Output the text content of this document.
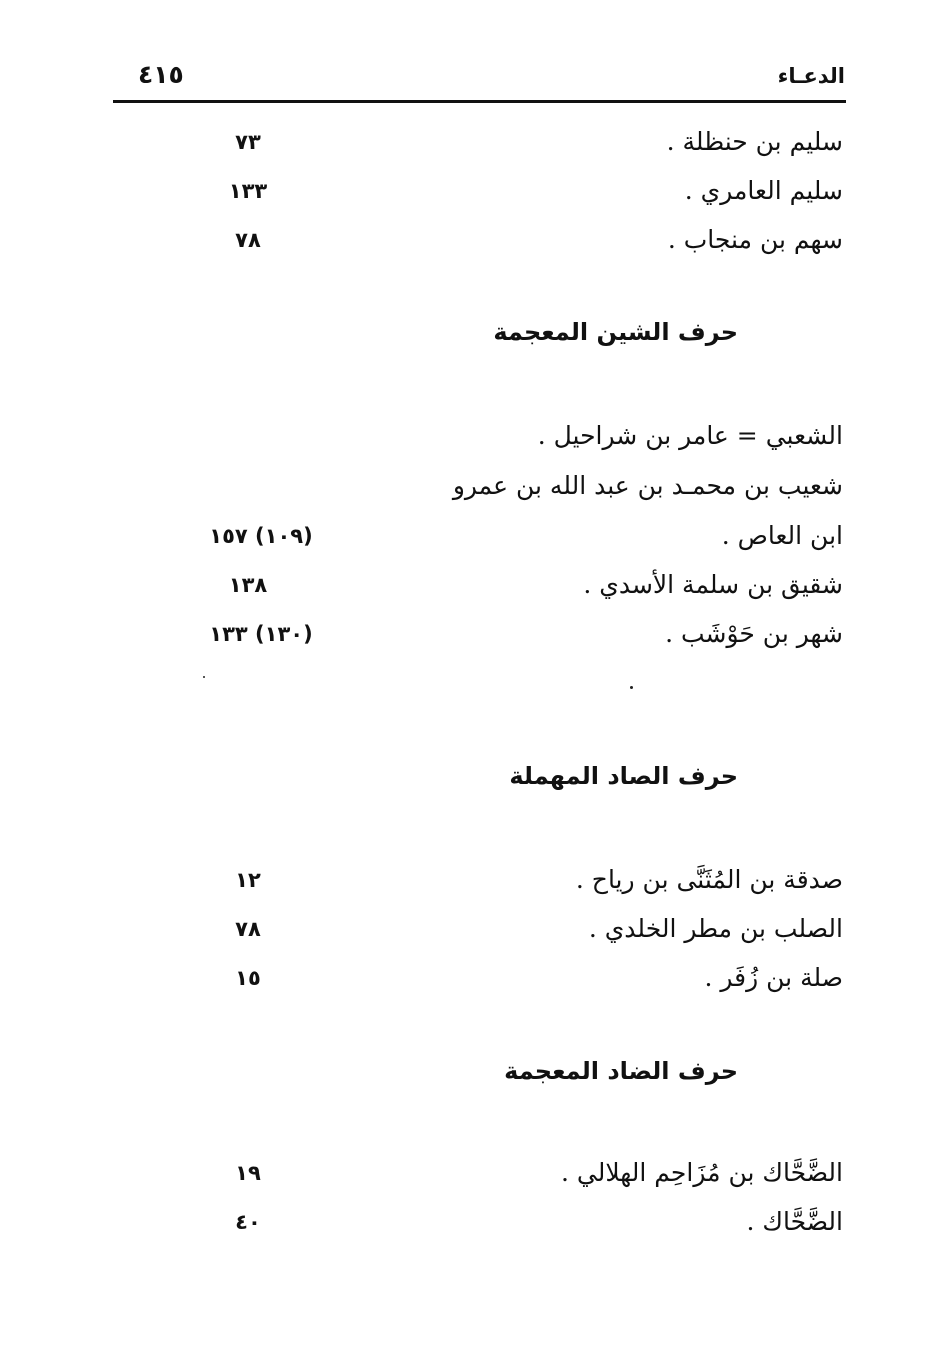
الدعـاء
٤١٥
سليم بن حنظلة .
٧٣
سليم العامري .
١٣٣
سهم بن منجاب .
٧٨
حرف الشين المعجمة
الشعبي = عامر بن شراحيل .
شعيب بن محمـد بن عبد الله بن عمرو
ابن العاص .
(١٠٩) ١٥٧
شقيق بن سلمة الأسدي .
١٣٨
شهر بن حَوْشَب .
(١٣٠) ١٣٣
حرف الصاد المهملة
صدقة بن المُثَنَّى بن رياح .
١٢
الصلب بن مطر الخلدي .
٧٨
صلة بن زُفَر .
١٥
حرف الضاد المعجمة
الضَّحَّاك بن مُزَاحِم الهلالي .
١٩
الضَّحَّاك .
٤٠
